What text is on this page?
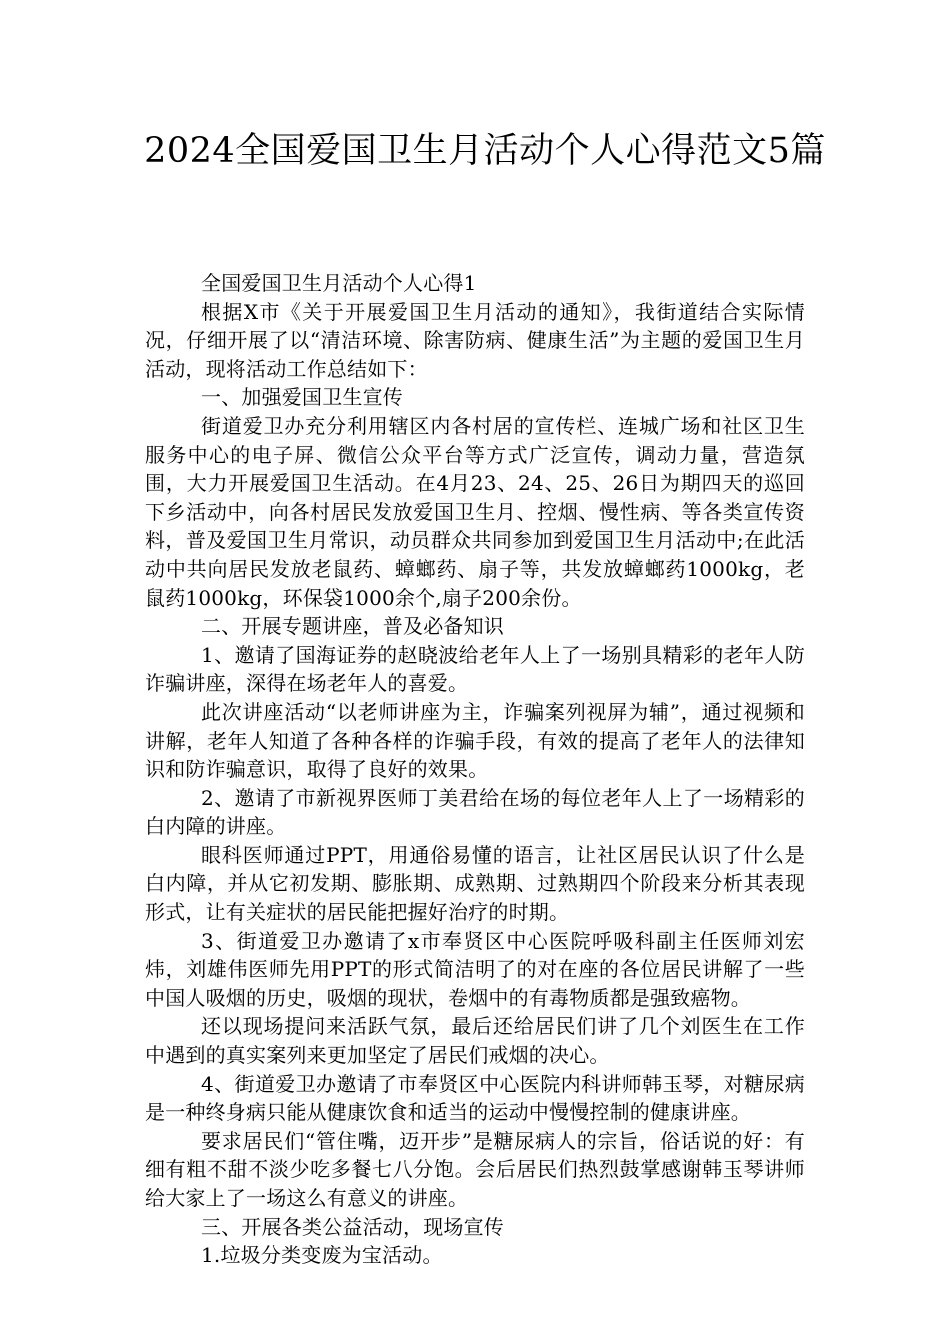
2024全国爱国卫生月活动个人心得范文5篇

全国爱国卫生月活动个人心得1

根据X市《关于开展爱国卫生月活动的通知》，我街道结合实际情况，仔细开展了以“清洁环境、除害防病、健康生活”为主题的爱国卫生月活动，现将活动工作总结如下：

一、加强爱国卫生宣传

街道爱卫办充分利用辖区内各村居的宣传栏、连城广场和社区卫生服务中心的电子屏、微信公众平台等方式广泛宣传，调动力量，营造氛围，大力开展爱国卫生活动。在4月23、24、25、26日为期四天的巡回下乡活动中，向各村居民发放爱国卫生月、控烟、慢性病、等各类宣传资料，普及爱国卫生月常识，动员群众共同参加到爱国卫生月活动中;在此活动中共向居民发放老鼠药、蟑螂药、扇子等，共发放蟑螂药1000kg，老鼠药1000kg，环保袋1000余个,扇子200余份。

二、开展专题讲座，普及必备知识

1、邀请了国海证券的赵晓波给老年人上了一场别具精彩的老年人防诈骗讲座，深得在场老年人的喜爱。

此次讲座活动“以老师讲座为主，诈骗案列视屏为辅”，通过视频和讲解，老年人知道了各种各样的诈骗手段，有效的提高了老年人的法律知识和防诈骗意识，取得了良好的效果。

2、邀请了市新视界医师丁美君给在场的每位老年人上了一场精彩的白内障的讲座。

眼科医师通过PPT，用通俗易懂的语言，让社区居民认识了什么是白内障，并从它初发期、膨胀期、成熟期、过熟期四个阶段来分析其表现形式，让有关症状的居民能把握好治疗的时期。

3、街道爱卫办邀请了x市奉贤区中心医院呼吸科副主任医师刘宏炜，刘雄伟医师先用PPT的形式简洁明了的对在座的各位居民讲解了一些中国人吸烟的历史，吸烟的现状，卷烟中的有毒物质都是强致癌物。

还以现场提问来活跃气氛，最后还给居民们讲了几个刘医生在工作中遇到的真实案列来更加坚定了居民们戒烟的决心。

4、街道爱卫办邀请了市奉贤区中心医院内科讲师韩玉琴，对糖尿病是一种终身病只能从健康饮食和适当的运动中慢慢控制的健康讲座。

要求居民们“管住嘴，迈开步”是糖尿病人的宗旨，俗话说的好：有细有粗不甜不淡少吃多餐七八分饱。会后居民们热烈鼓掌感谢韩玉琴讲师给大家上了一场这么有意义的讲座。

三、开展各类公益活动，现场宣传

1.垃圾分类变废为宝活动。
